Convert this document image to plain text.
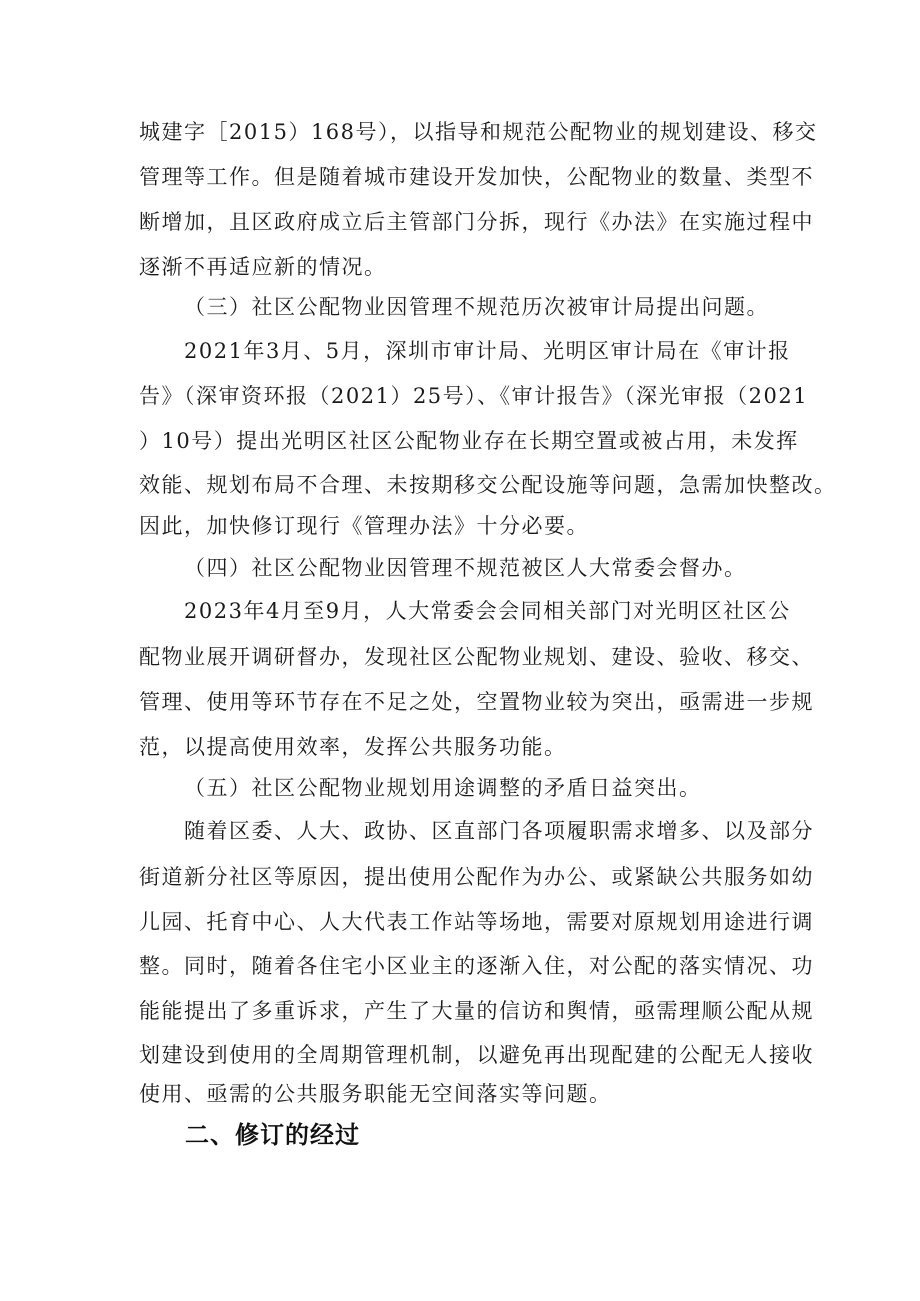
城建字［2015）168号），以指导和规范公配物业的规划建设、移交
管理等工作。但是随着城市建设开发加快，公配物业的数量、类型不
断增加，且区政府成立后主管部门分拆，现行《办法》在实施过程中
逐渐不再适应新的情况。
（三）社区公配物业因管理不规范历次被审计局提出问题。
2021年3月、5月，深圳市审计局、光明区审计局在《审计报
告》（深审资环报（2021）25号）、《审计报告》（深光审报（2021
）10号）提出光明区社区公配物业存在长期空置或被占用，未发挥
效能、规划布局不合理、未按期移交公配设施等问题，急需加快整改。
因此，加快修订现行《管理办法》十分必要。
（四）社区公配物业因管理不规范被区人大常委会督办。
2023年4月至9月，人大常委会会同相关部门对光明区社区公
配物业展开调研督办，发现社区公配物业规划、建设、验收、移交、
管理、使用等环节存在不足之处，空置物业较为突出，亟需进一步规
范，以提高使用效率，发挥公共服务功能。
（五）社区公配物业规划用途调整的矛盾日益突出。
随着区委、人大、政协、区直部门各项履职需求增多、以及部分
街道新分社区等原因，提出使用公配作为办公、或紧缺公共服务如幼
儿园、托育中心、人大代表工作站等场地，需要对原规划用途进行调
整。同时，随着各住宅小区业主的逐渐入住，对公配的落实情况、功
能能提出了多重诉求，产生了大量的信访和舆情，亟需理顺公配从规
划建设到使用的全周期管理机制，以避免再出现配建的公配无人接收
使用、亟需的公共服务职能无空间落实等问题。
二、修订的经过
